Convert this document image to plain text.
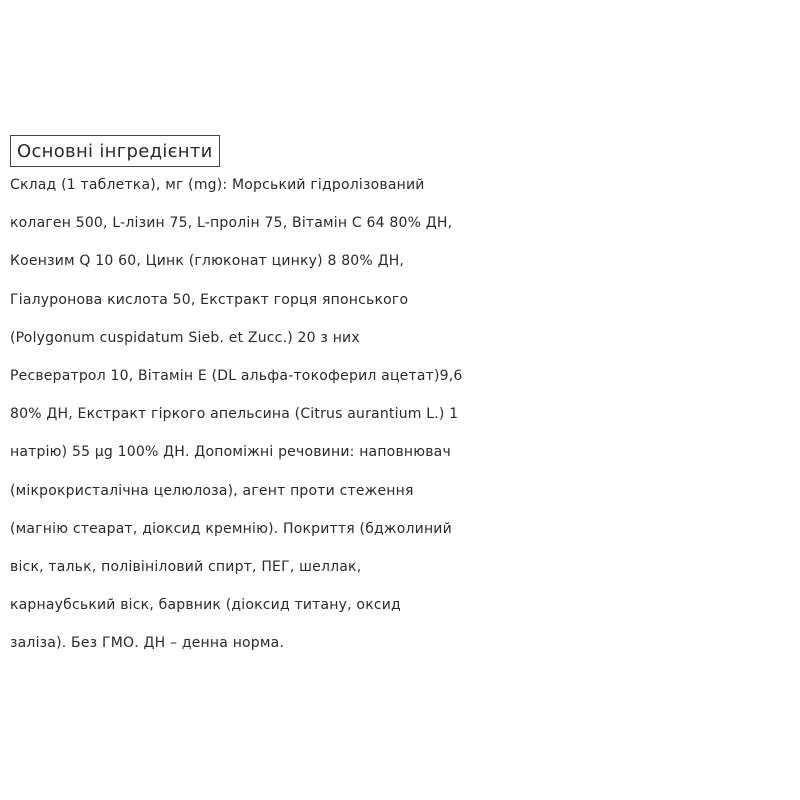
Основні інгредієнти
Склад (1 таблетка), мг (mg): Морський гідролізований
колаген 500, L-лізин 75, L-пролін 75, Вітамін С 64 80% ДН,
Коензим Q 10 60, Цинк (глюконат цинку) 8 80% ДН,
Гіалуронова кислота 50, Екстракт горця японського
(Polygonum cuspidatum Sieb. et Zucc.) 20 з них
Ресвератрол 10, Вітамін Е (DL альфа-токоферил ацетат)9,6
80% ДН, Екстракт гіркого апельсина (Citrus aurantium L.) 1
натрію) 55 µg 100% ДН. Допоміжні речовини: наповнювач
(мікрокристалічна целюлоза), агент проти стеження
(магнію стеарат, діоксид кремнію). Покриття (бджолиний
віск, тальк, полівініловий спирт, ПЕГ, шеллак,
карнаубський віск, барвник (діоксид титану, оксид
заліза). Без ГМО. ДН – денна норма.
